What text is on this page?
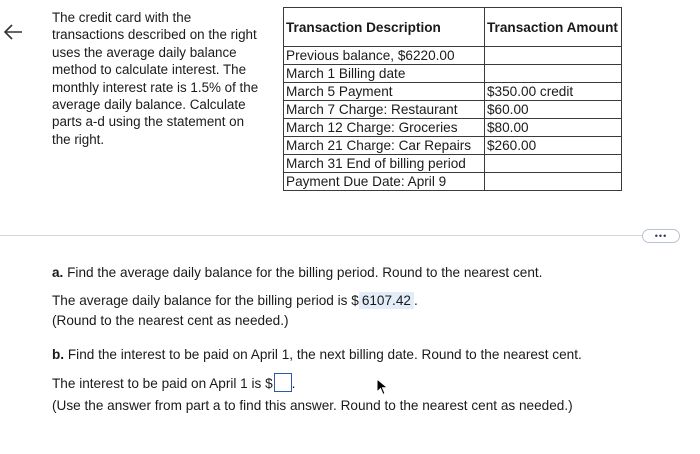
The credit card with the
transactions described on the right
uses the average daily balance
method to calculate interest. The
monthly interest rate is 1.5% of the
average daily balance. Calculate
parts a-d using the statement on
the right.
Transaction Description	Transaction Amount
Previous balance, $6220.00	
March 1 Billing date	
March 5 Payment	$350.00 credit
March 7 Charge: Restaurant	$60.00
March 12 Charge: Groceries	$80.00
March 21 Charge: Car Repairs	$260.00
March 31 End of billing period	
Payment Due Date: April 9	
•••
a. Find the average daily balance for the billing period. Round to the nearest cent.
The average daily balance for the billing period is $ 6107.42 .
(Round to the nearest cent as needed.)
b. Find the interest to be paid on April 1, the next billing date. Round to the nearest cent.
The interest to be paid on April 1 is $ .
(Use the answer from part a to find this answer. Round to the nearest cent as needed.)
